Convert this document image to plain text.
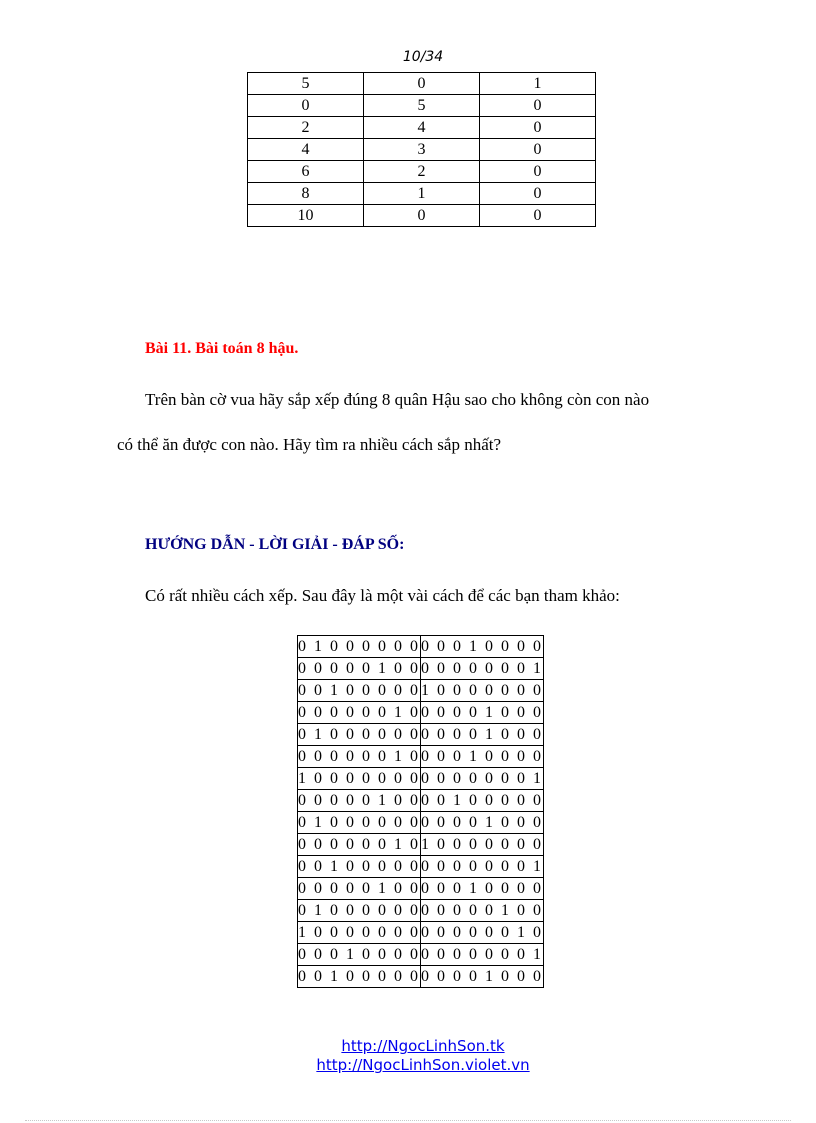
10/34
5	0	1
0	5	0
2	4	0
4	3	0
6	2	0
8	1	0
10	0	0
Bài 11. Bài toán 8 hậu.

Trên bàn cờ vua hãy sắp xếp đúng 8 quân Hậu sao cho không còn con nào

có thể ăn được con nào. Hãy tìm ra nhiều cách sắp nhất?

HƯỚNG DẪN - LỜI GIẢI - ĐÁP SỐ:

Có rất nhiều cách xếp. Sau đây là một vài cách để các bạn tham khảo:

0 1 0 0 0 0 0 0	0 0 0 1 0 0 0 0
0 0 0 0 0 1 0 0	0 0 0 0 0 0 0 1
0 0 1 0 0 0 0 0	1 0 0 0 0 0 0 0
0 0 0 0 0 0 1 0	0 0 0 0 1 0 0 0
0 1 0 0 0 0 0 0	0 0 0 0 1 0 0 0
0 0 0 0 0 0 1 0	0 0 0 1 0 0 0 0
1 0 0 0 0 0 0 0	0 0 0 0 0 0 0 1
0 0 0 0 0 1 0 0	0 0 1 0 0 0 0 0
0 1 0 0 0 0 0 0	0 0 0 0 1 0 0 0
0 0 0 0 0 0 1 0	1 0 0 0 0 0 0 0
0 0 1 0 0 0 0 0	0 0 0 0 0 0 0 1
0 0 0 0 0 1 0 0	0 0 0 1 0 0 0 0
0 1 0 0 0 0 0 0	0 0 0 0 0 1 0 0
1 0 0 0 0 0 0 0	0 0 0 0 0 0 1 0
0 0 0 1 0 0 0 0	0 0 0 0 0 0 0 1
0 0 1 0 0 0 0 0	0 0 0 0 1 0 0 0
http://NgocLinhSon.tk
http://NgocLinhSon.violet.vn
